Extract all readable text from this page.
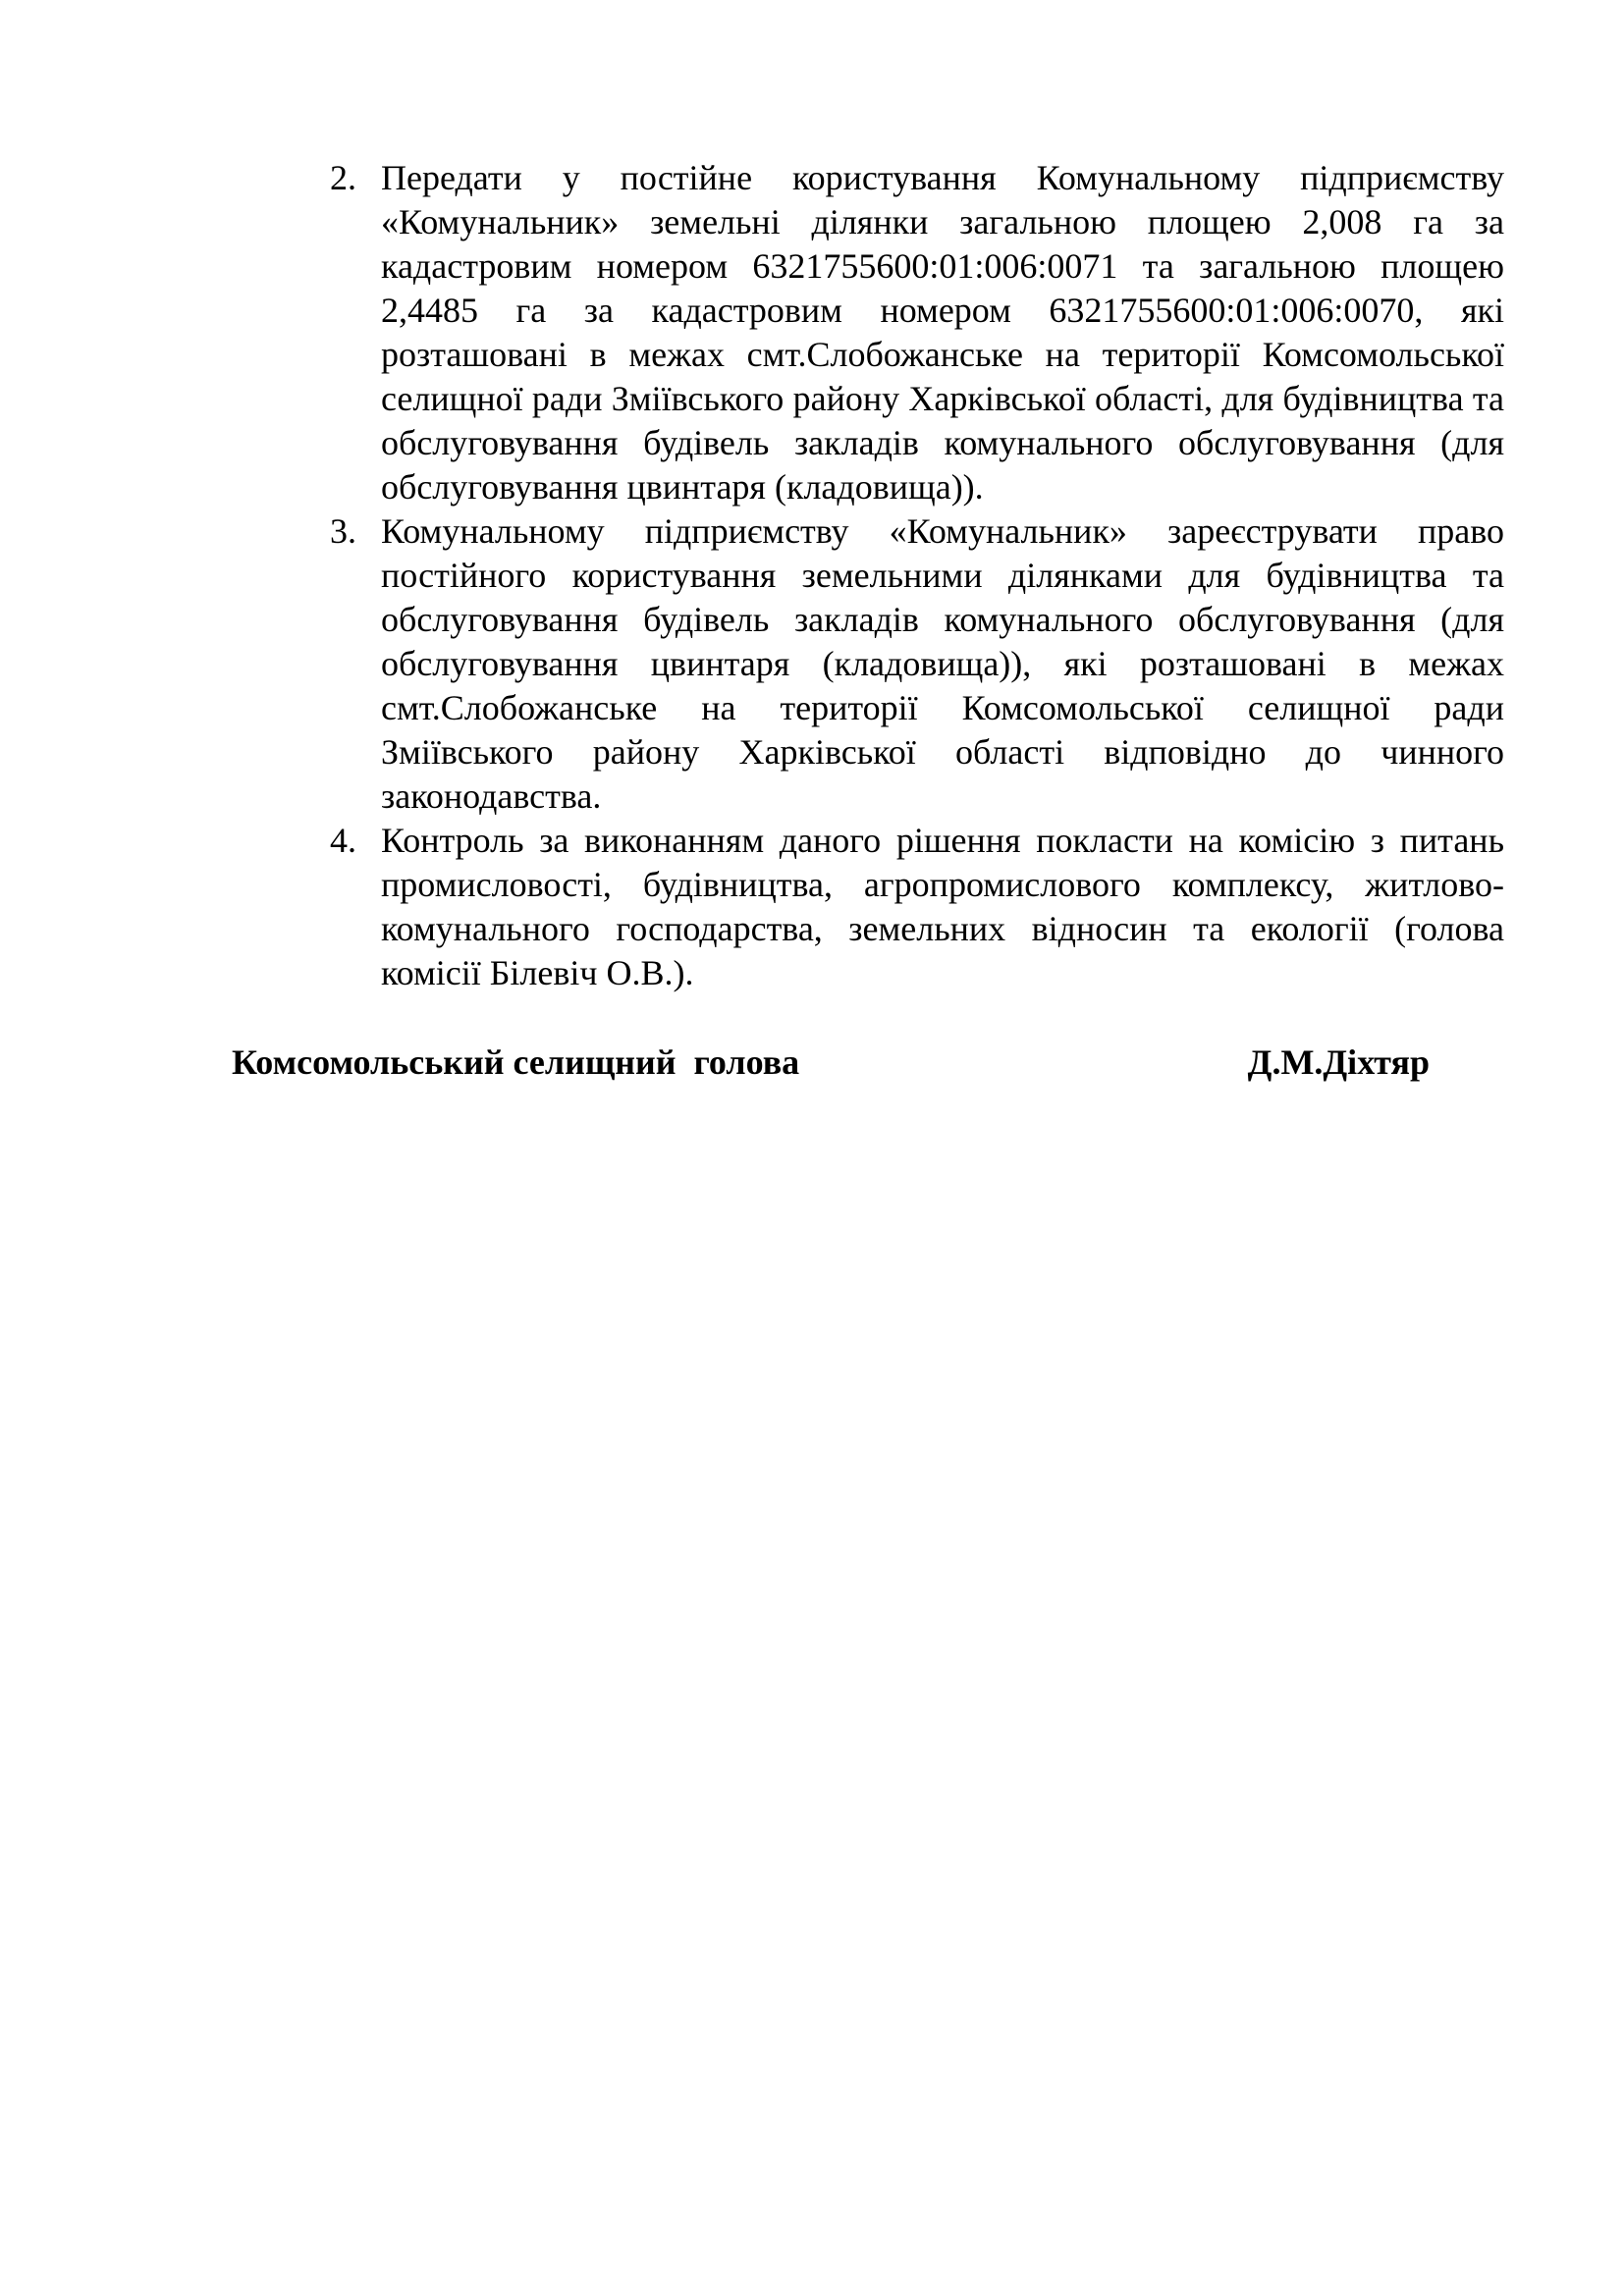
2. Передати у постійне користування Комунальному підприємству «Комунальник» земельні ділянки загальною площею 2,008 га за кадастровим номером 6321755600:01:006:0071 та загальною площею 2,4485 га за кадастровим номером 6321755600:01:006:0070, які розташовані в межах смт.Слобожанське на території Комсомольської селищної ради Зміївського району Харківської області, для будівництва та обслуговування будівель закладів комунального обслуговування (для обслуговування цвинтаря (кладовища)).
3. Комунальному підприємству «Комунальник» зареєструвати право постійного користування земельними ділянками для будівництва та обслуговування будівель закладів комунального обслуговування (для обслуговування цвинтаря (кладовища)), які розташовані в межах смт.Слобожанське на території Комсомольської селищної ради Зміївського району Харківської області відповідно до чинного законодавства.
4. Контроль за виконанням даного рішення покласти на комісію з питань промисловості, будівництва, агропромислового комплексу, житлово-комунального господарства, земельних відносин та екології (голова комісії Білевіч О.В.).
Комсомольський селищний  голова	Д.М.Діхтяр
